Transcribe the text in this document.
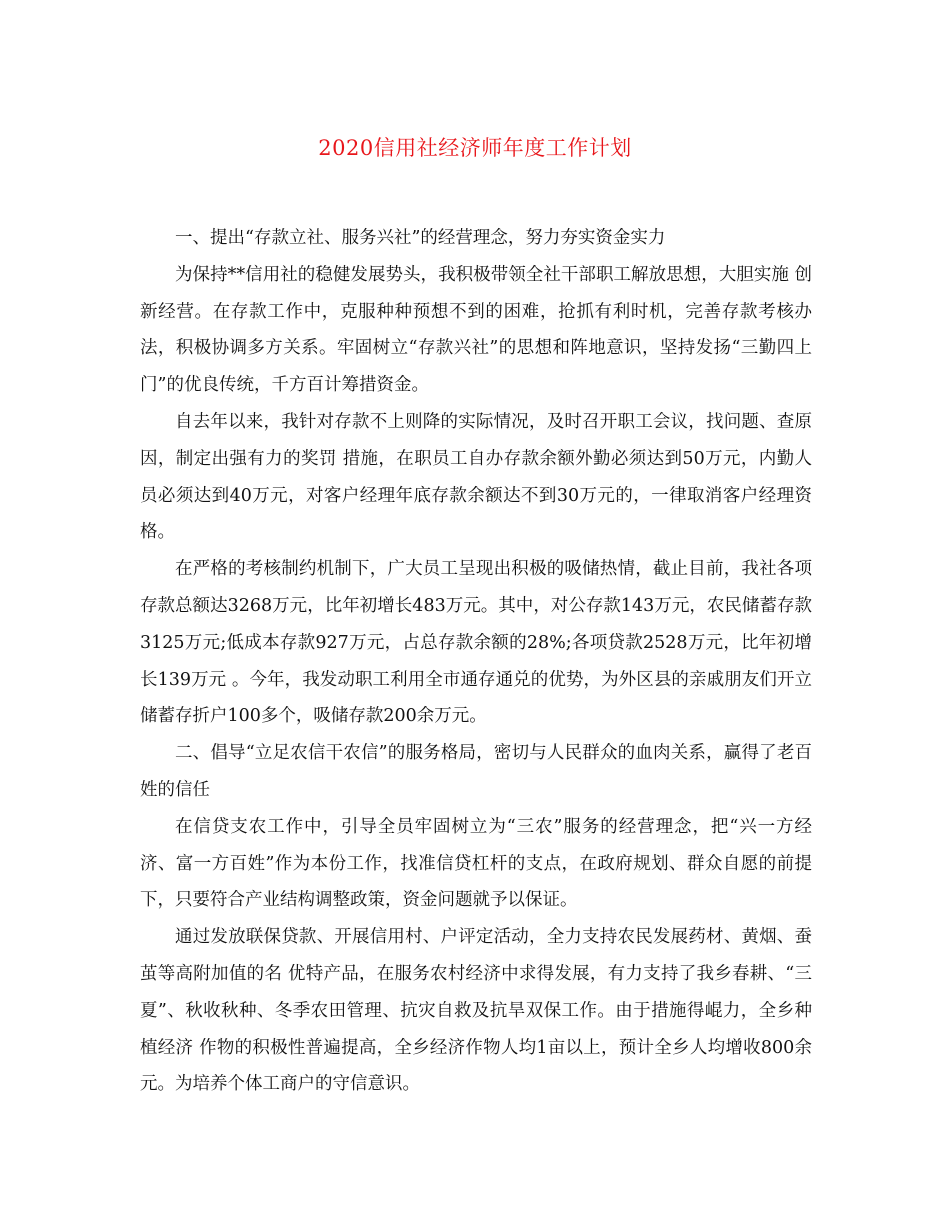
2020信用社经济师年度工作计划

一、提出“存款立社、服务兴社”的经营理念，努力夯实资金实力

为保持**信用社的稳健发展势头，我积极带领全社干部职工解放思想，大胆实施 创新经营。在存款工作中，克服种种预想不到的困难，抢抓有利时机，完善存款考核办法，积极协调多方关系。牢固树立“存款兴社”的思想和阵地意识，坚持发扬“三勤四上门”的优良传统，千方百计筹措资金。

自去年以来，我针对存款不上则降的实际情况，及时召开职工会议，找问题、查原因，制定出强有力的奖罚 措施，在职员工自办存款余额外勤必须达到50万元，内勤人员必须达到40万元，对客户经理年底存款余额达不到30万元的，一律取消客户经理资格。

在严格的考核制约机制下，广大员工呈现出积极的吸储热情，截止目前，我社各项存款总额达3268万元，比年初增长483万元。其中，对公存款143万元，农民储蓄存款3125万元;低成本存款927万元，占总存款余额的28%;各项贷款2528万元，比年初增长139万元 。今年，我发动职工利用全市通存通兑的优势，为外区县的亲戚朋友们开立储蓄存折户100多个，吸储存款200余万元。

二、倡导“立足农信干农信”的服务格局，密切与人民群众的血肉关系，赢得了老百姓的信任

在信贷支农工作中，引导全员牢固树立为“三农”服务的经营理念，把“兴一方经济、富一方百姓”作为本份工作，找准信贷杠杆的支点，在政府规划、群众自愿的前提下，只要符合产业结构调整政策，资金问题就予以保证。

通过发放联保贷款、开展信用村、户评定活动，全力支持农民发展药材、黄烟、蚕茧等高附加值的名 优特产品，在服务农村经济中求得发展，有力支持了我乡春耕、“三夏”、秋收秋种、冬季农田管理、抗灾自救及抗旱双保工作。由于措施得崐力，全乡种植经济 作物的积极性普遍提高，全乡经济作物人均1亩以上，预计全乡人均增收800余元。为培养个体工商户的守信意识。
